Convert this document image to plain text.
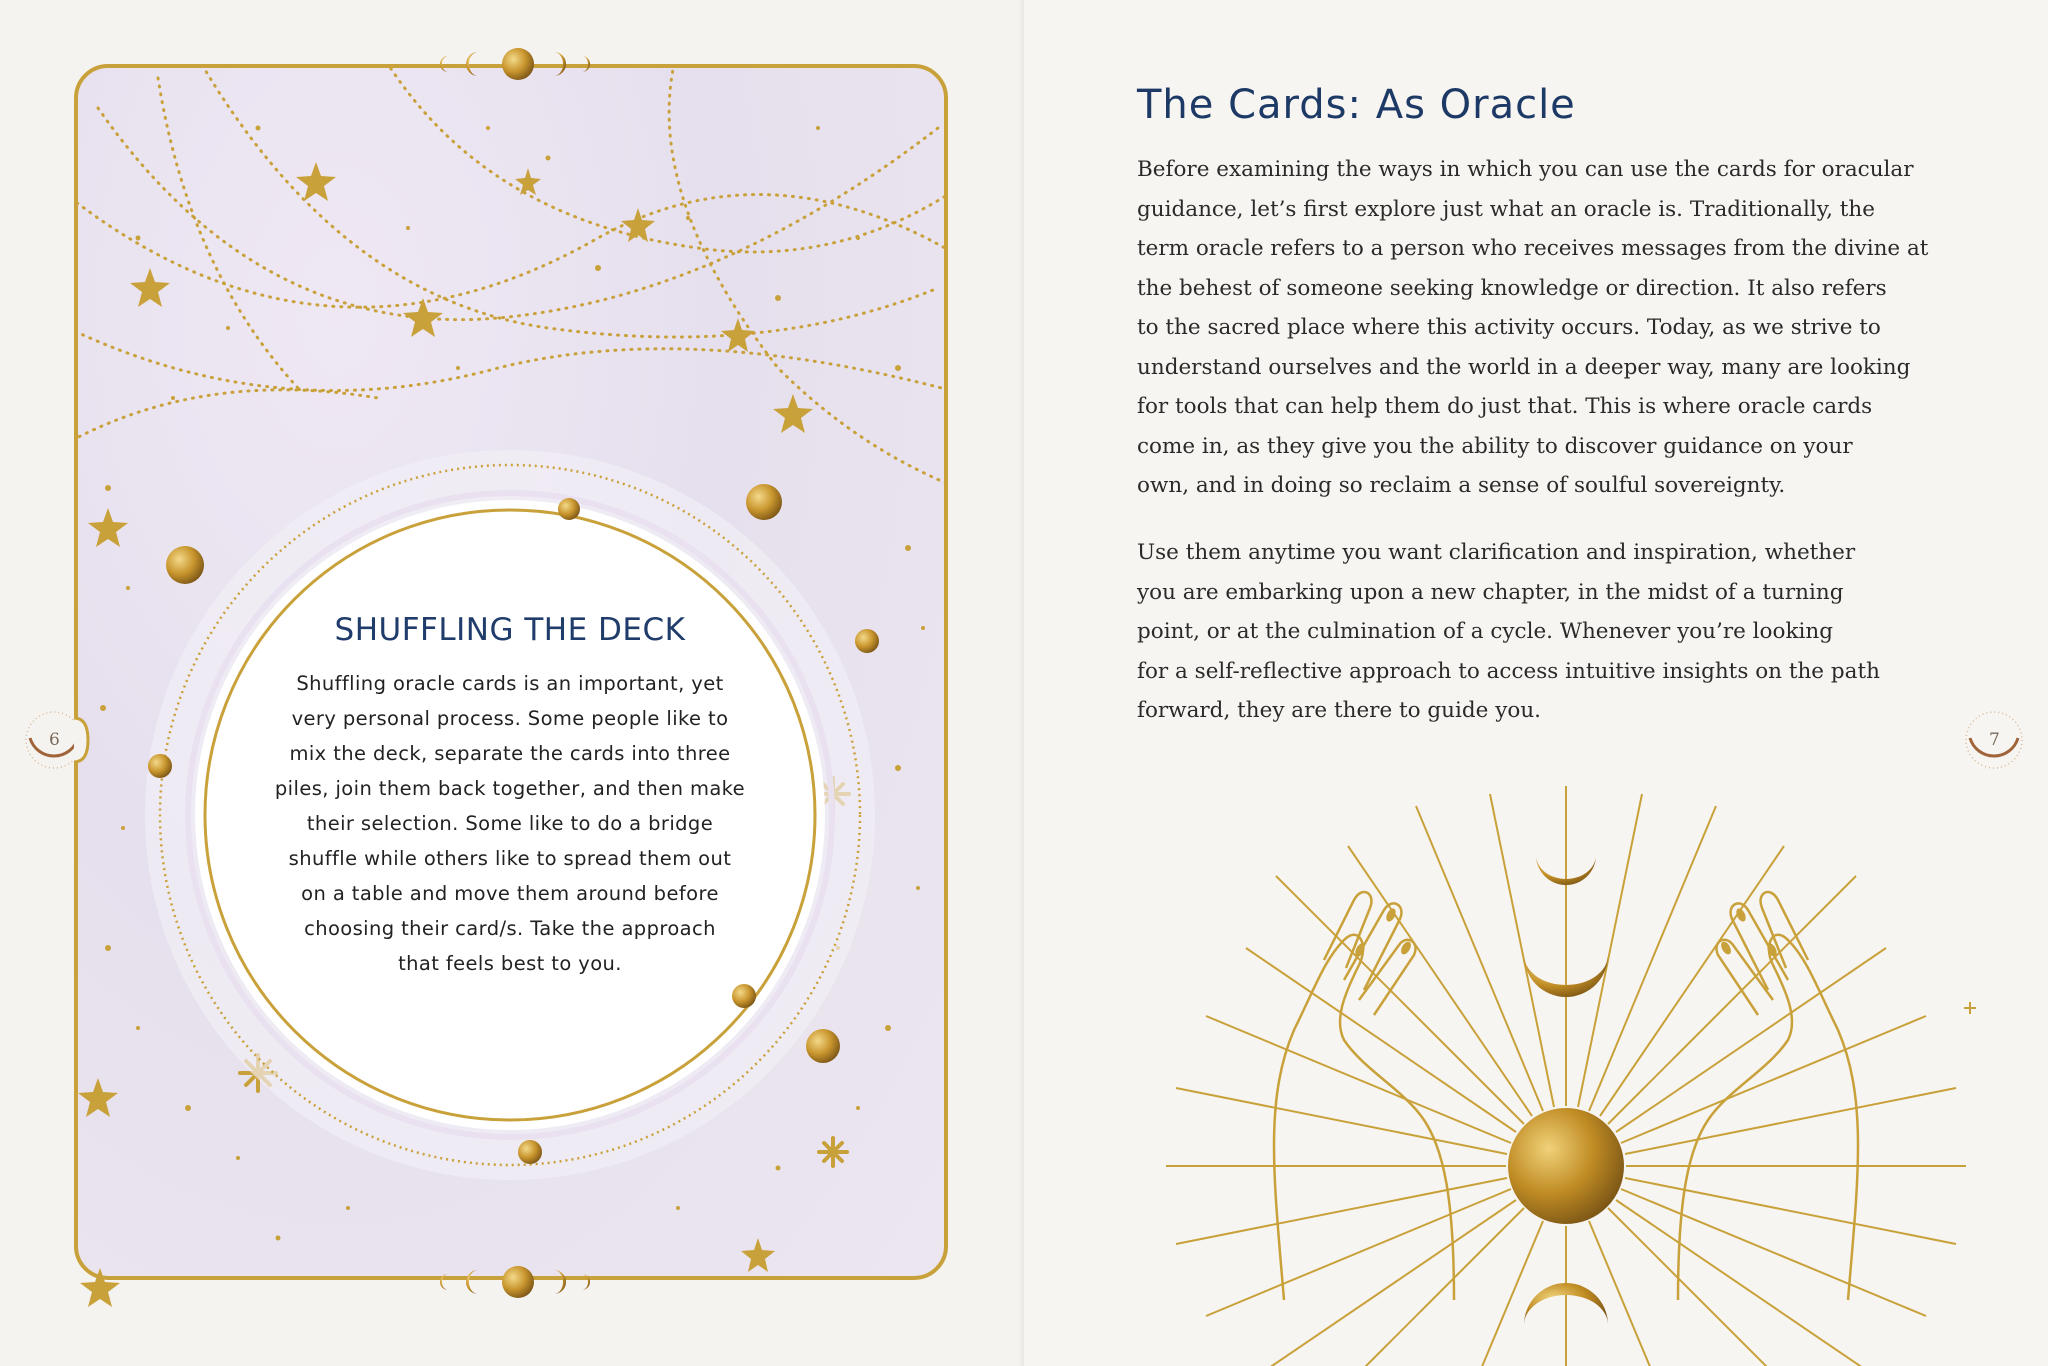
SHUFFLING THE DECK

Shuffling oracle cards is an important, yet
very personal process. Some people like to
mix the deck, separate the cards into three
piles, join them back together, and then make
their selection. Some like to do a bridge
shuffle while others like to spread them out
on a table and move them around before
choosing their card/s. Take the approach
that feels best to you.

6
The Cards: As Oracle

Before examining the ways in which you can use the cards for oracular
guidance, let’s first explore just what an oracle is. Traditionally, the
term oracle refers to a person who receives messages from the divine at
the behest of someone seeking knowledge or direction. It also refers
to the sacred place where this activity occurs. Today, as we strive to
understand ourselves and the world in a deeper way, many are looking
for tools that can help them do just that. This is where oracle cards
come in, as they give you the ability to discover guidance on your
own, and in doing so reclaim a sense of soulful sovereignty.

Use them anytime you want clarification and inspiration, whether
you are embarking upon a new chapter, in the midst of a turning
point, or at the culmination of a cycle. Whenever you’re looking
for a self-reflective approach to access intuitive insights on the path
forward, they are there to guide you.

7
